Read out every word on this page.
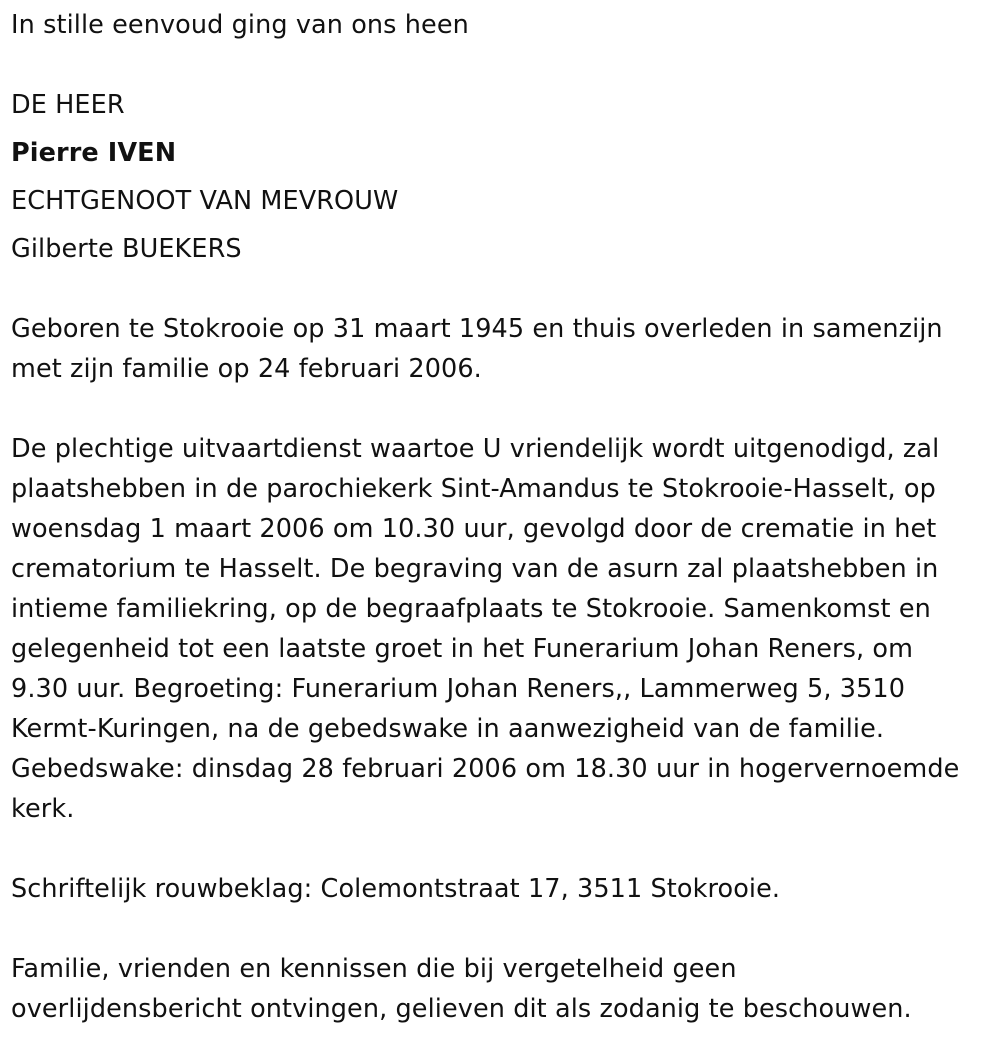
In stille eenvoud ging van ons heen
DE HEER
Pierre IVEN
ECHTGENOOT VAN MEVROUW
Gilberte BUEKERS
Geboren te Stokrooie op 31 maart 1945 en thuis overleden in samenzijn
met zijn familie op 24 februari 2006.
De plechtige uitvaartdienst waartoe U vriendelijk wordt uitgenodigd, zal
plaatshebben in de parochiekerk Sint-Amandus te Stokrooie-Hasselt, op
woensdag 1 maart 2006 om 10.30 uur, gevolgd door de crematie in het
crematorium te Hasselt. De begraving van de asurn zal plaatshebben in
intieme familiekring, op de begraafplaats te Stokrooie. Samenkomst en
gelegenheid tot een laatste groet in het Funerarium Johan Reners, om
9.30 uur. Begroeting: Funerarium Johan Reners,, Lammerweg 5, 3510
Kermt-Kuringen, na de gebedswake in aanwezigheid van de familie.
Gebedswake: dinsdag 28 februari 2006 om 18.30 uur in hogervernoemde
kerk.
Schriftelijk rouwbeklag: Colemontstraat 17, 3511 Stokrooie.
Familie, vrienden en kennissen die bij vergetelheid geen
overlijdensbericht ontvingen, gelieven dit als zodanig te beschouwen.
